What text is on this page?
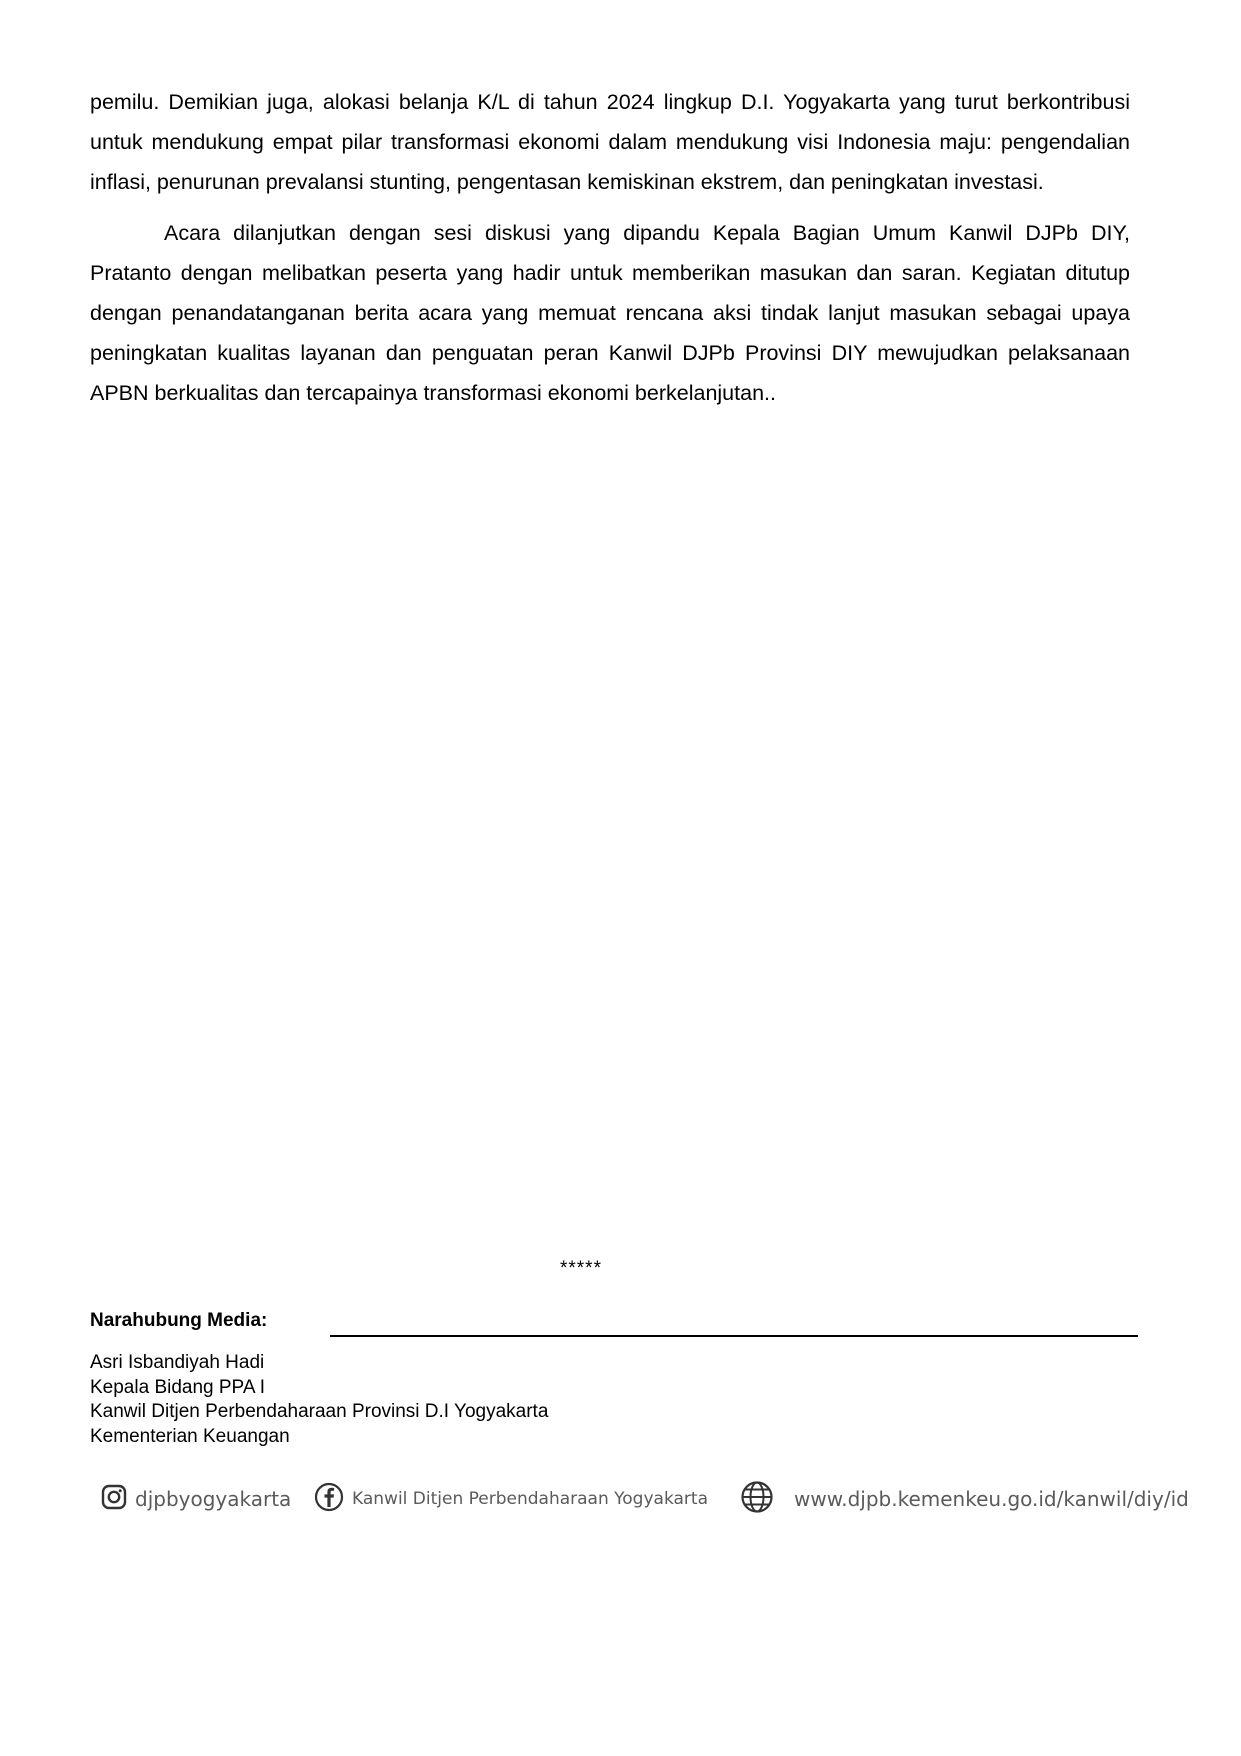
pemilu. Demikian juga, alokasi belanja K/L di tahun 2024 lingkup D.I. Yogyakarta yang turut berkontribusi untuk mendukung empat pilar transformasi ekonomi dalam mendukung visi Indonesia maju: pengendalian inflasi, penurunan prevalansi stunting, pengentasan kemiskinan ekstrem, dan peningkatan investasi.

Acara dilanjutkan dengan sesi diskusi yang dipandu Kepala Bagian Umum Kanwil DJPb DIY, Pratanto dengan melibatkan peserta yang hadir untuk memberikan masukan dan saran. Kegiatan ditutup dengan penandatanganan berita acara yang memuat rencana aksi tindak lanjut masukan sebagai upaya peningkatan kualitas layanan dan penguatan peran Kanwil DJPb Provinsi DIY mewujudkan pelaksanaan APBN berkualitas dan tercapainya transformasi ekonomi berkelanjutan..

*****
Narahubung Media:
Asri Isbandiyah Hadi
Kepala Bidang PPA I
Kanwil Ditjen Perbendaharaan Provinsi D.I Yogyakarta
Kementerian Keuangan
djpbyogyakarta	Kanwil Ditjen Perbendaharaan Yogyakarta	www.djpb.kemenkeu.go.id/kanwil/diy/id
